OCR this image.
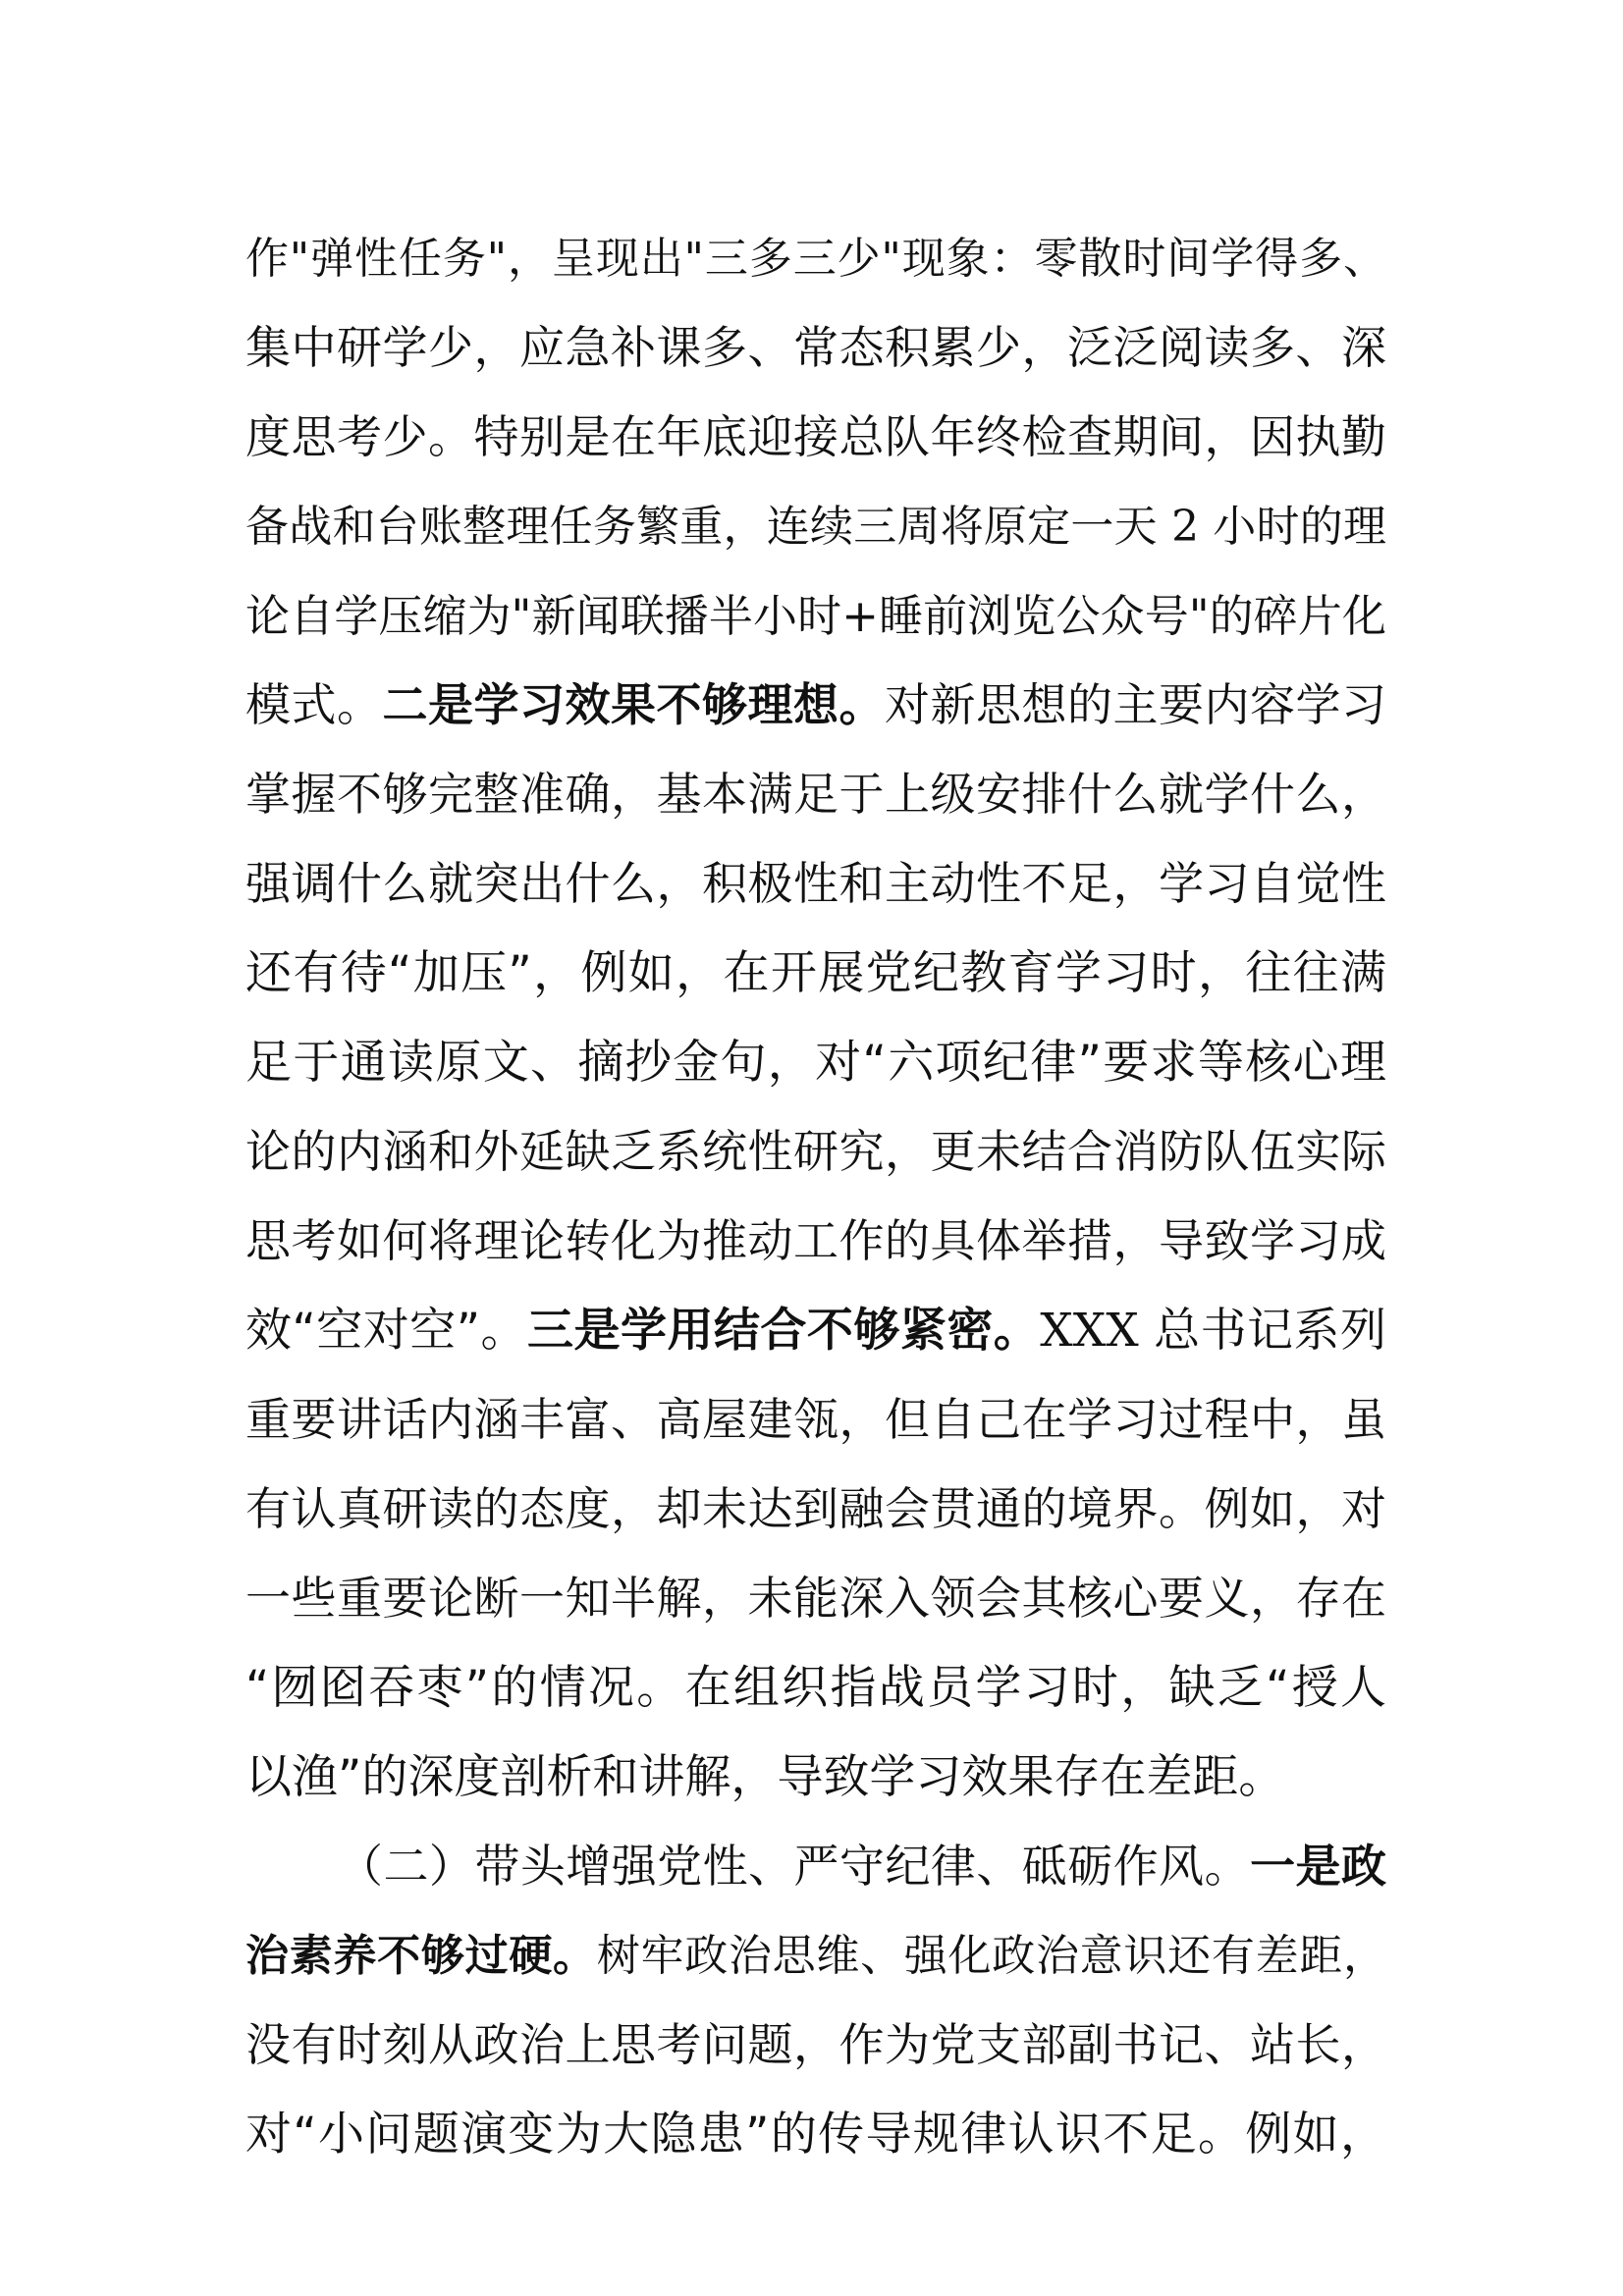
作"弹性任务"，呈现出"三多三少"现象：零散时间学得多、
集中研学少，应急补课多、常态积累少，泛泛阅读多、深
度思考少。特别是在年底迎接总队年终检查期间，因执勤
备战和台账整理任务繁重，连续三周将原定一天 2 小时的理
论自学压缩为"新闻联播半小时+睡前浏览公众号"的碎片化
模式。二是学习效果不够理想。对新思想的主要内容学习
掌握不够完整准确，基本满足于上级安排什么就学什么，
强调什么就突出什么，积极性和主动性不足，学习自觉性
还有待“加压”，例如，在开展党纪教育学习时，往往满
足于通读原文、摘抄金句，对“六项纪律”要求等核心理
论的内涵和外延缺乏系统性研究，更未结合消防队伍实际
思考如何将理论转化为推动工作的具体举措，导致学习成
效“空对空”。三是学用结合不够紧密。XXX 总书记系列
重要讲话内涵丰富、高屋建瓴，但自己在学习过程中，虽
有认真研读的态度，却未达到融会贯通的境界。例如，对
一些重要论断一知半解，未能深入领会其核心要义，存在
“囫囵吞枣”的情况。在组织指战员学习时，缺乏“授人
以渔”的深度剖析和讲解，导致学习效果存在差距。
（二）带头增强党性、严守纪律、砥砺作风。一是政
治素养不够过硬。树牢政治思维、强化政治意识还有差距，
没有时刻从政治上思考问题，作为党支部副书记、站长，
对“小问题演变为大隐患”的传导规律认识不足。例如，
